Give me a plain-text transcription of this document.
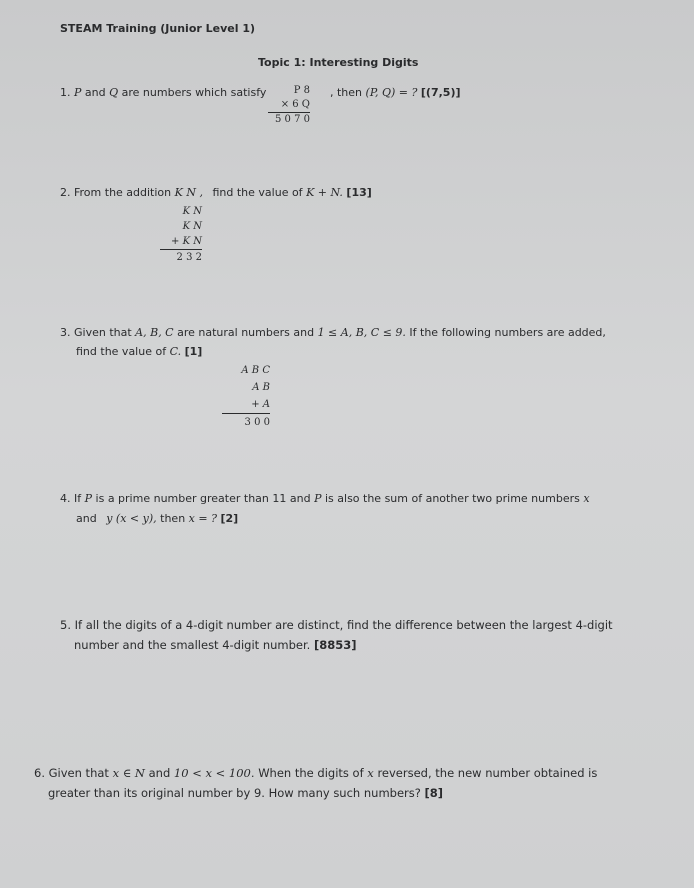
STEAM Training (Junior Level 1)
Topic 1: Interesting Digits
1. P and Q are numbers which satisfy	P 8
× 6 Q
5 0 7 0
, then (P, Q) = ? [(7,5)]
2. From the addition K N , find the value of K + N. [13]
K N
K N
+ K N
2 3 2
3. Given that A, B, C are natural numbers and 1 ≤ A, B, C ≤ 9. If the following numbers are added,
find the value of C. [1]
A B C
A B
+ A
3 0 0
4. If P is a prime number greater than 11 and P is also the sum of another two prime numbers x
and y (x < y), then x = ? [2]
5. If all the digits of a 4-digit number are distinct, find the difference between the largest 4-digit
number and the smallest 4-digit number. [8853]
6. Given that x ∈ N and 10 < x < 100. When the digits of x reversed, the new number obtained is
greater than its original number by 9. How many such numbers? [8]
